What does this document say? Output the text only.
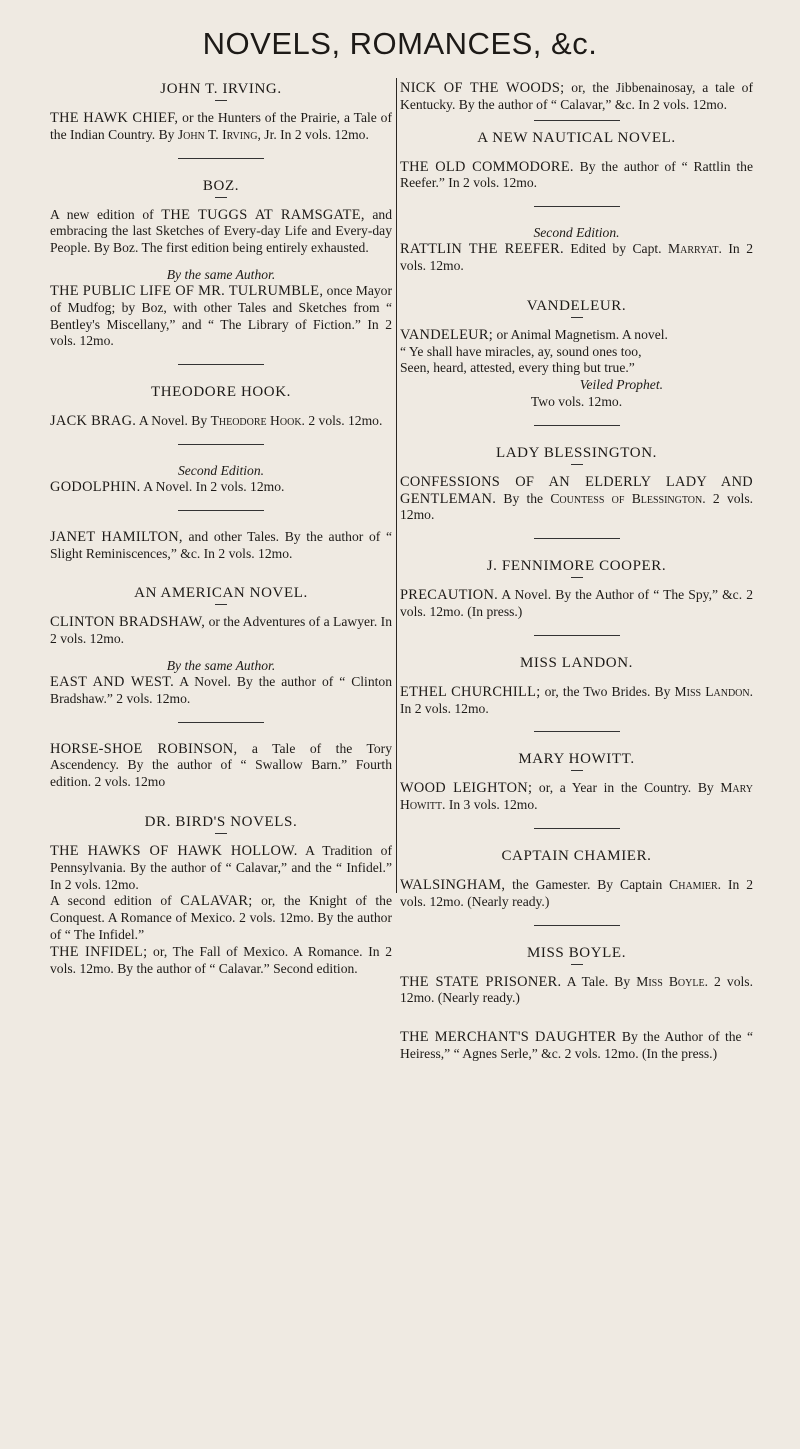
NOVELS, ROMANCES, &c.

JOHN T. IRVING.

THE HAWK CHIEF, or the Hunters of the Prairie, a Tale of the Indian Country. By John T. Irving, Jr. In 2 vols. 12mo.

BOZ.

A new edition of THE TUGGS AT RAMSGATE, and embracing the last Sketches of Every-day Life and Every-day People. By Boz. The first edition being entirely exhausted.

By the same Author.

THE PUBLIC LIFE OF MR. TULRUMBLE, once Mayor of Mudfog; by Boz, with other Tales and Sketches from “ Bentley's Miscellany,” and “ The Library of Fiction.” In 2 vols. 12mo.

THEODORE HOOK.

JACK BRAG. A Novel. By Theodore Hook. 2 vols. 12mo.

Second Edition.

GODOLPHIN. A Novel. In 2 vols. 12mo.

JANET HAMILTON, and other Tales. By the author of “ Slight Reminiscences,” &c. In 2 vols. 12mo.

AN AMERICAN NOVEL.

CLINTON BRADSHAW, or the Adventures of a Lawyer. In 2 vols. 12mo.

By the same Author.

EAST AND WEST. A Novel. By the author of “ Clinton Bradshaw.” 2 vols. 12mo.

HORSE-SHOE ROBINSON, a Tale of the Tory Ascendency. By the author of “ Swallow Barn.” Fourth edition. 2 vols. 12mo

DR. BIRD'S NOVELS.

THE HAWKS OF HAWK HOLLOW. A Tradition of Pennsylvania. By the author of “ Calavar,” and the “ Infidel.” In 2 vols. 12mo.

A second edition of CALAVAR; or, the Knight of the Conquest. A Romance of Mexico. 2 vols. 12mo. By the author of “ The Infidel.”

THE INFIDEL; or, The Fall of Mexico. A Romance. In 2 vols. 12mo. By the author of “ Calavar.” Second edition.

NICK OF THE WOODS; or, the Jibbenainosay, a tale of Kentucky. By the author of “ Calavar,” &c. In 2 vols. 12mo.

A NEW NAUTICAL NOVEL.

THE OLD COMMODORE. By the author of “ Rattlin the Reefer.” In 2 vols. 12mo.

Second Edition.

RATTLIN THE REEFER. Edited by Capt. Marryat. In 2 vols. 12mo.

VANDELEUR.

VANDELEUR; or Animal Magnetism. A novel.

“ Ye shall have miracles, ay, sound ones too,
Seen, heard, attested, every thing but true.”
Veiled Prophet.
Two vols. 12mo.

LADY BLESSINGTON.

CONFESSIONS OF AN ELDERLY LADY AND GENTLEMAN. By the Countess of Blessington. 2 vols. 12mo.

J. FENNIMORE COOPER.

PRECAUTION. A Novel. By the Author of “ The Spy,” &c. 2 vols. 12mo. (In press.)

MISS LANDON.

ETHEL CHURCHILL; or, the Two Brides. By Miss Landon. In 2 vols. 12mo.

MARY HOWITT.

WOOD LEIGHTON; or, a Year in the Country. By Mary Howitt. In 3 vols. 12mo.

CAPTAIN CHAMIER.

WALSINGHAM, the Gamester. By Captain Chamier. In 2 vols. 12mo. (Nearly ready.)

MISS BOYLE.

THE STATE PRISONER. A Tale. By Miss Boyle. 2 vols. 12mo. (Nearly ready.)

THE MERCHANT'S DAUGHTER By the Author of the “ Heiress,” “ Agnes Serle,” &c. 2 vols. 12mo. (In the press.)
